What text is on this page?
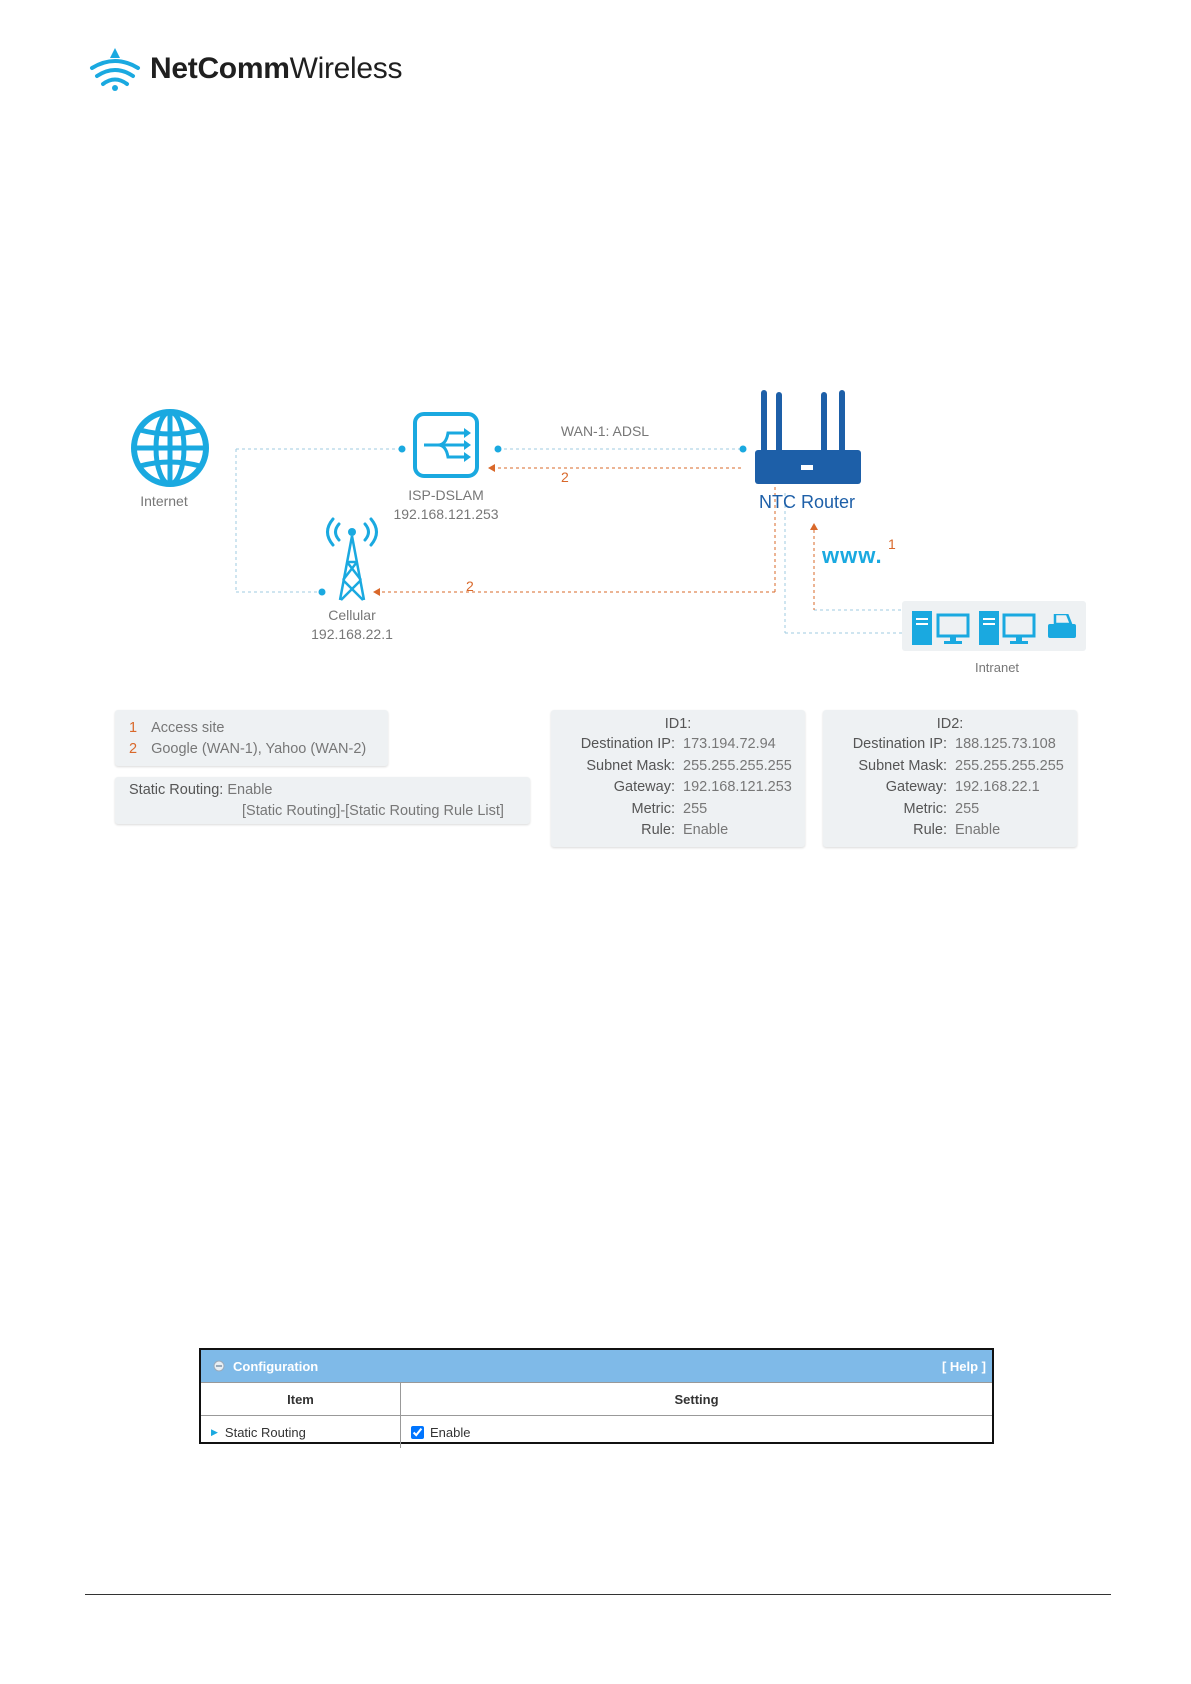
NetCommWireless
Internet	ISP-DSLAM
192.168.121.253
WAN-1: ADSL
2
NTC Router
Cellular
192.168.22.1
2
www. 1
Intranet
1 Access site
2 Google (WAN-1), Yahoo (WAN-2)
Static Routing: Enable
[Static Routing]-[Static Routing Rule List]
ID1:
Destination IP: 173.194.72.94
Subnet Mask: 255.255.255.255
Gateway: 192.168.121.253
Metric: 255
Rule: Enable
ID2:
Destination IP: 188.125.73.108
Subnet Mask: 255.255.255.255
Gateway: 192.168.22.1
Metric: 255
Rule: Enable
Configuration	[ Help ]
Item	Setting
▶ Static Routing	Enable
